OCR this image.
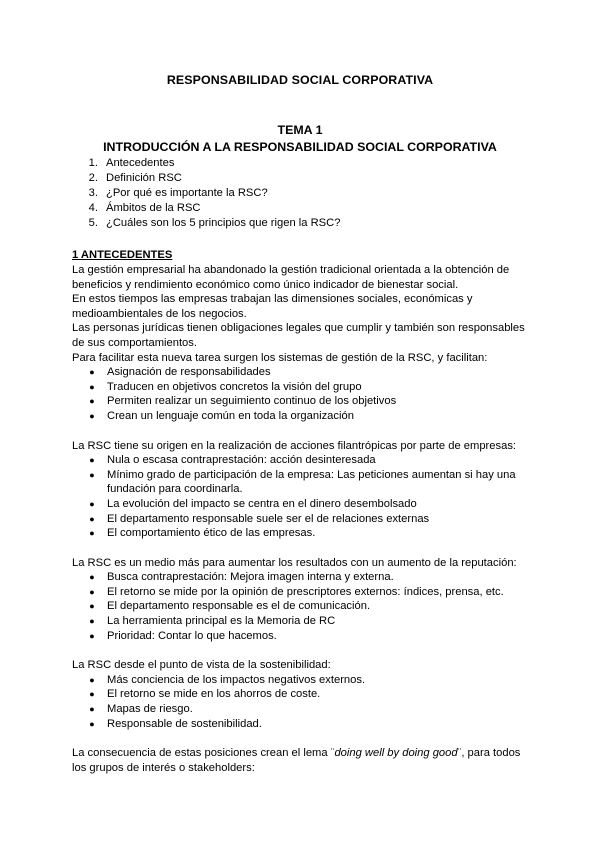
RESPONSABILIDAD SOCIAL CORPORATIVA
TEMA 1
INTRODUCCIÓN A LA RESPONSABILIDAD SOCIAL CORPORATIVA
1. Antecedentes
2. Definición RSC
3. ¿Por qué es importante la RSC?
4. Ámbitos de la RSC
5. ¿Cuáles son los 5 principios que rigen la RSC?
1 ANTECEDENTES

La gestión empresarial ha abandonado la gestión tradicional orientada a la obtención de beneficios y rendimiento económico como único indicador de bienestar social.

En estos tiempos las empresas trabajan las dimensiones sociales, económicas y medioambientales de los negocios.

Las personas jurídicas tienen obligaciones legales que cumplir y también son responsables de sus comportamientos.

Para facilitar esta nueva tarea surgen los sistemas de gestión de la RSC, y facilitan:

●	Asignación de responsabilidades
●	Traducen en objetivos concretos la visión del grupo
●	Permiten realizar un seguimiento continuo de los objetivos
●	Crean un lenguaje común en toda la organización

La RSC tiene su origen en la realización de acciones filantrópicas por parte de empresas:

●	Nula o escasa contraprestación: acción desinteresada
●	Mínimo grado de participación de la empresa: Las peticiones aumentan si hay una fundación para coordinarla.
●	La evolución del impacto se centra en el dinero desembolsado
●	El departamento responsable suele ser el de relaciones externas
●	El comportamiento ético de las empresas.

La RSC es un medio más para aumentar los resultados con un aumento de la reputación:

●	Busca contraprestación: Mejora imagen interna y externa.
●	El retorno se mide por la opinión de prescriptores externos: índices, prensa, etc.
●	El departamento responsable es el de comunicación.
●	La herramienta principal es la Memoria de RC
●	Prioridad: Contar lo que hacemos.

La RSC desde el punto de vista de la sostenibilidad:

●	Más conciencia de los impactos negativos externos.
●	El retorno se mide en los ahorros de coste.
●	Mapas de riesgo.
●	Responsable de sostenibilidad.

La consecuencia de estas posiciones crean el lema ¨doing well by doing good¨, para todos los grupos de interés o stakeholders:
